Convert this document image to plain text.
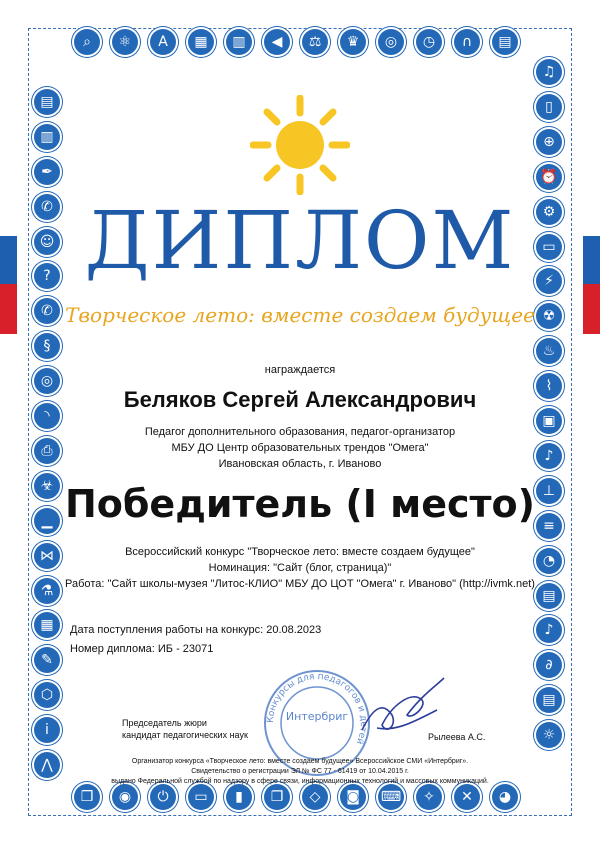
⌕	⚛	A	▦	▥	◀	⚖	♛	◎	◷	∩	▤
♫
▯
⊕
⏰
⚙
▭
⚡
☢
♨
⌇
▣
♪
⊥
≡
◔
▤
♪
∂
▤
☼
◕
✕
✧
⌨
◙
◇
❐
▮
▭
⏻
◉
❒
⋀
i
⬡
✎
▦
⚗
⋈
▁
☣
⎙
◝
◎
§
✆
?
☺
✆
✒
▥
▤
ДИПЛОМ
Творческое лето: вместе создаем будущее
награждается
Беляков Сергей Александрович
Педагог дополнительного образования, педагог-организатор
МБУ ДО Центр образовательных трендов "Омега"
Ивановская область, г. Иваново
Победитель (I место)
Всероссийский конкурс "Творческое лето: вместе создаем будущее"
Номинация: "Сайт (блог, страница)"
Работа: "Сайт школы-музея "Литос-КЛИО" МБУ ДО ЦОТ "Омега" г. Иваново" (http://ivmk.net)
Дата поступления работы на конкурс: 20.08.2023
Номер диплома: ИБ - 23071
Председатель жюри
кандидат педагогических наук
Конкурсы для педагогов и детей
Интербриг
Рылеева А.С.
Организатор конкурса «Творческое лето: вместе создаем будущее» Всероссийское СМИ «Интербриг».
Свидетельство о регистрации ЭЛ № ФС 77 - 61419 от 10.04.2015 г.
выдано Федеральной службой по надзору в сфере связи, информационных технологий и массовых коммуникаций.
